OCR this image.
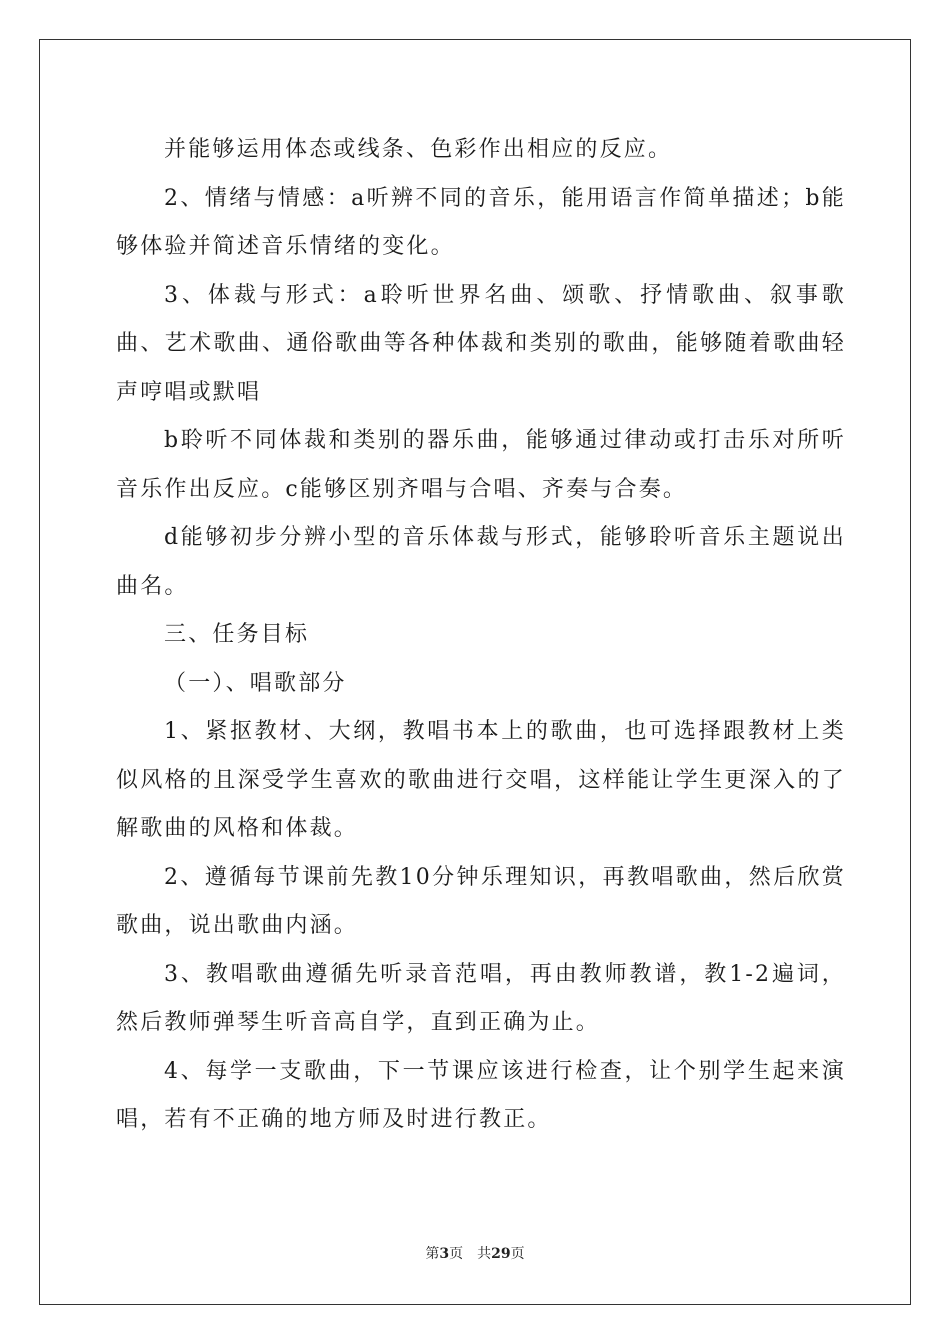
并能够运用体态或线条、色彩作出相应的反应。

2、情绪与情感：a听辨不同的音乐，能用语言作简单描述；b能够体验并简述音乐情绪的变化。

3、体裁与形式：a聆听世界名曲、颂歌、抒情歌曲、叙事歌曲、艺术歌曲、通俗歌曲等各种体裁和类别的歌曲，能够随着歌曲轻声哼唱或默唱

b聆听不同体裁和类别的器乐曲，能够通过律动或打击乐对所听音乐作出反应。c能够区别齐唱与合唱、齐奏与合奏。

d能够初步分辨小型的音乐体裁与形式，能够聆听音乐主题说出曲名。

三、任务目标

（一）、唱歌部分

1、紧抠教材、大纲，教唱书本上的歌曲，也可选择跟教材上类似风格的且深受学生喜欢的歌曲进行交唱，这样能让学生更深入的了解歌曲的风格和体裁。

2、遵循每节课前先教10分钟乐理知识，再教唱歌曲，然后欣赏歌曲，说出歌曲内涵。

3、教唱歌曲遵循先听录音范唱，再由教师教谱，教1-2遍词，然后教师弹琴生听音高自学，直到正确为止。

4、每学一支歌曲，下一节课应该进行检查，让个别学生起来演唱，若有不正确的地方师及时进行教正。

第3页　共29页
